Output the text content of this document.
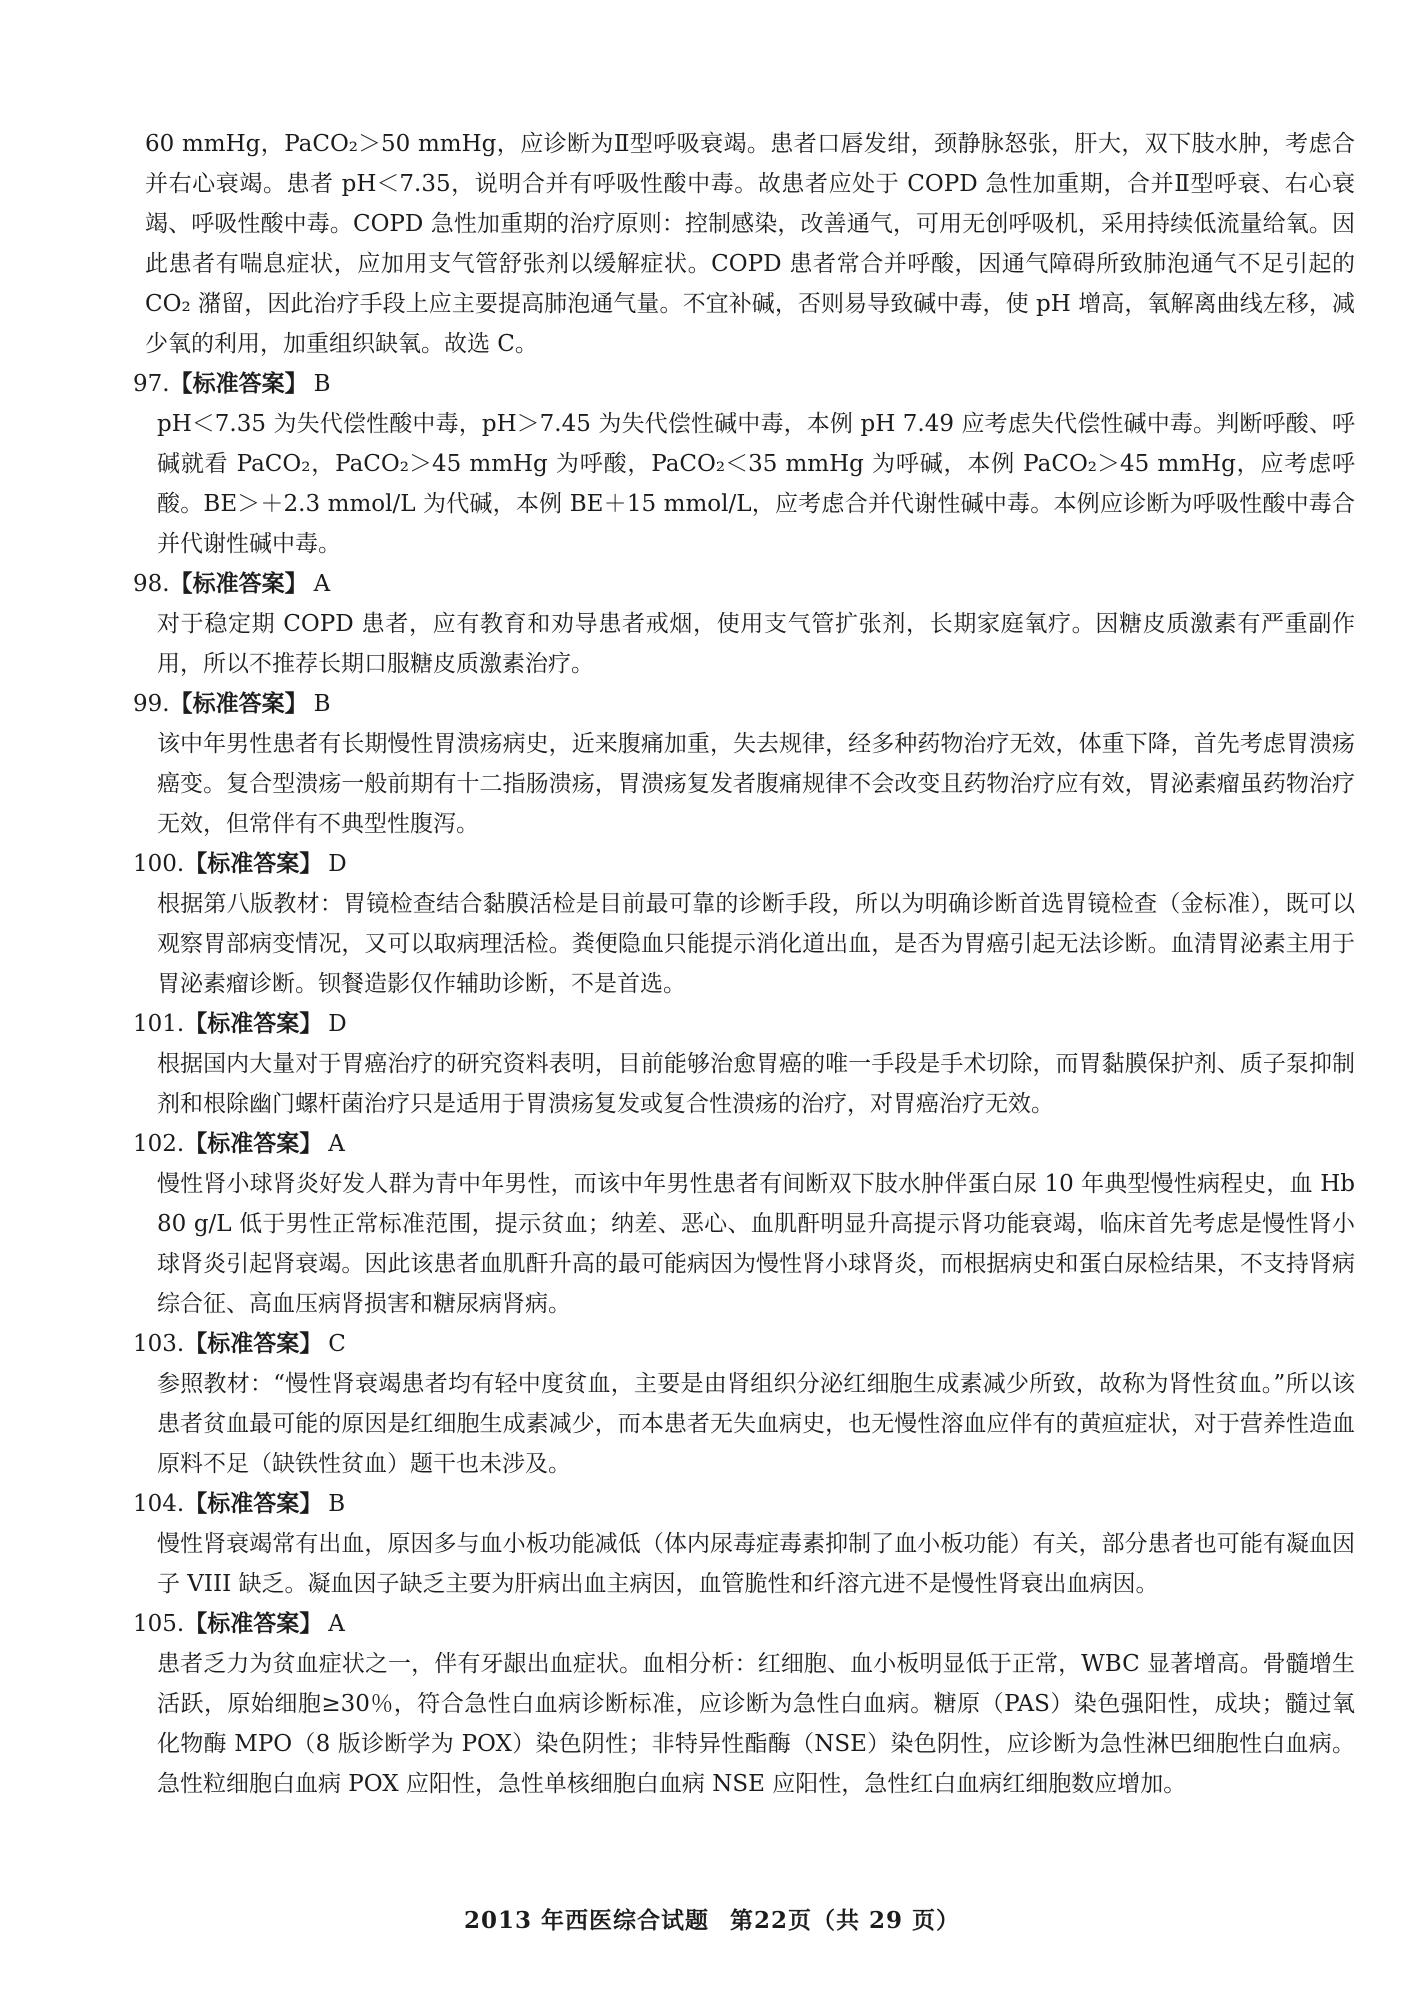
60 mmHg，PaCO₂＞50 mmHg，应诊断为Ⅱ型呼吸衰竭。患者口唇发绀，颈静脉怒张，肝大，双下肢水肿，考虑合并右心衰竭。患者 pH＜7.35，说明合并有呼吸性酸中毒。故患者应处于 COPD 急性加重期，合并Ⅱ型呼衰、右心衰竭、呼吸性酸中毒。COPD 急性加重期的治疗原则：控制感染，改善通气，可用无创呼吸机，采用持续低流量给氧。因此患者有喘息症状，应加用支气管舒张剂以缓解症状。COPD 患者常合并呼酸，因通气障碍所致肺泡通气不足引起的 CO₂ 潴留，因此治疗手段上应主要提高肺泡通气量。不宜补碱，否则易导致碱中毒，使 pH 增高，氧解离曲线左移，减少氧的利用，加重组织缺氧。故选 C。

97.【标准答案】 B

pH＜7.35 为失代偿性酸中毒，pH＞7.45 为失代偿性碱中毒，本例 pH 7.49 应考虑失代偿性碱中毒。判断呼酸、呼碱就看 PaCO₂，PaCO₂＞45 mmHg 为呼酸，PaCO₂＜35 mmHg 为呼碱，本例 PaCO₂＞45 mmHg，应考虑呼酸。BE＞＋2.3 mmol/L 为代碱，本例 BE＋15 mmol/L，应考虑合并代谢性碱中毒。本例应诊断为呼吸性酸中毒合并代谢性碱中毒。

98.【标准答案】 A

对于稳定期 COPD 患者，应有教育和劝导患者戒烟，使用支气管扩张剂，长期家庭氧疗。因糖皮质激素有严重副作用，所以不推荐长期口服糖皮质激素治疗。

99.【标准答案】 B

该中年男性患者有长期慢性胃溃疡病史，近来腹痛加重，失去规律，经多种药物治疗无效，体重下降，首先考虑胃溃疡癌变。复合型溃疡一般前期有十二指肠溃疡，胃溃疡复发者腹痛规律不会改变且药物治疗应有效，胃泌素瘤虽药物治疗无效，但常伴有不典型性腹泻。

100.【标准答案】 D

根据第八版教材：胃镜检查结合黏膜活检是目前最可靠的诊断手段，所以为明确诊断首选胃镜检查（金标准），既可以观察胃部病变情况，又可以取病理活检。粪便隐血只能提示消化道出血，是否为胃癌引起无法诊断。血清胃泌素主用于胃泌素瘤诊断。钡餐造影仅作辅助诊断，不是首选。

101.【标准答案】 D

根据国内大量对于胃癌治疗的研究资料表明，目前能够治愈胃癌的唯一手段是手术切除，而胃黏膜保护剂、质子泵抑制剂和根除幽门螺杆菌治疗只是适用于胃溃疡复发或复合性溃疡的治疗，对胃癌治疗无效。

102.【标准答案】 A

慢性肾小球肾炎好发人群为青中年男性，而该中年男性患者有间断双下肢水肿伴蛋白尿 10 年典型慢性病程史，血 Hb 80 g/L 低于男性正常标准范围，提示贫血；纳差、恶心、血肌酐明显升高提示肾功能衰竭，临床首先考虑是慢性肾小球肾炎引起肾衰竭。因此该患者血肌酐升高的最可能病因为慢性肾小球肾炎，而根据病史和蛋白尿检结果，不支持肾病综合征、高血压病肾损害和糖尿病肾病。

103.【标准答案】 C

参照教材：“慢性肾衰竭患者均有轻中度贫血，主要是由肾组织分泌红细胞生成素减少所致，故称为肾性贫血。”所以该患者贫血最可能的原因是红细胞生成素减少，而本患者无失血病史，也无慢性溶血应伴有的黄疸症状，对于营养性造血原料不足（缺铁性贫血）题干也未涉及。

104.【标准答案】 B

慢性肾衰竭常有出血，原因多与血小板功能减低（体内尿毒症毒素抑制了血小板功能）有关，部分患者也可能有凝血因子 VIII 缺乏。凝血因子缺乏主要为肝病出血主病因，血管脆性和纤溶亢进不是慢性肾衰出血病因。

105.【标准答案】 A

患者乏力为贫血症状之一，伴有牙龈出血症状。血相分析：红细胞、血小板明显低于正常，WBC 显著增高。骨髓增生活跃，原始细胞≥30％，符合急性白血病诊断标准，应诊断为急性白血病。糖原（PAS）染色强阳性，成块；髓过氧化物酶 MPO（8 版诊断学为 POX）染色阴性；非特异性酯酶（NSE）染色阴性，应诊断为急性淋巴细胞性白血病。急性粒细胞白血病 POX 应阳性，急性单核细胞白血病 NSE 应阳性，急性红白血病红细胞数应增加。

2013 年西医综合试题 第22页（共 29 页）
